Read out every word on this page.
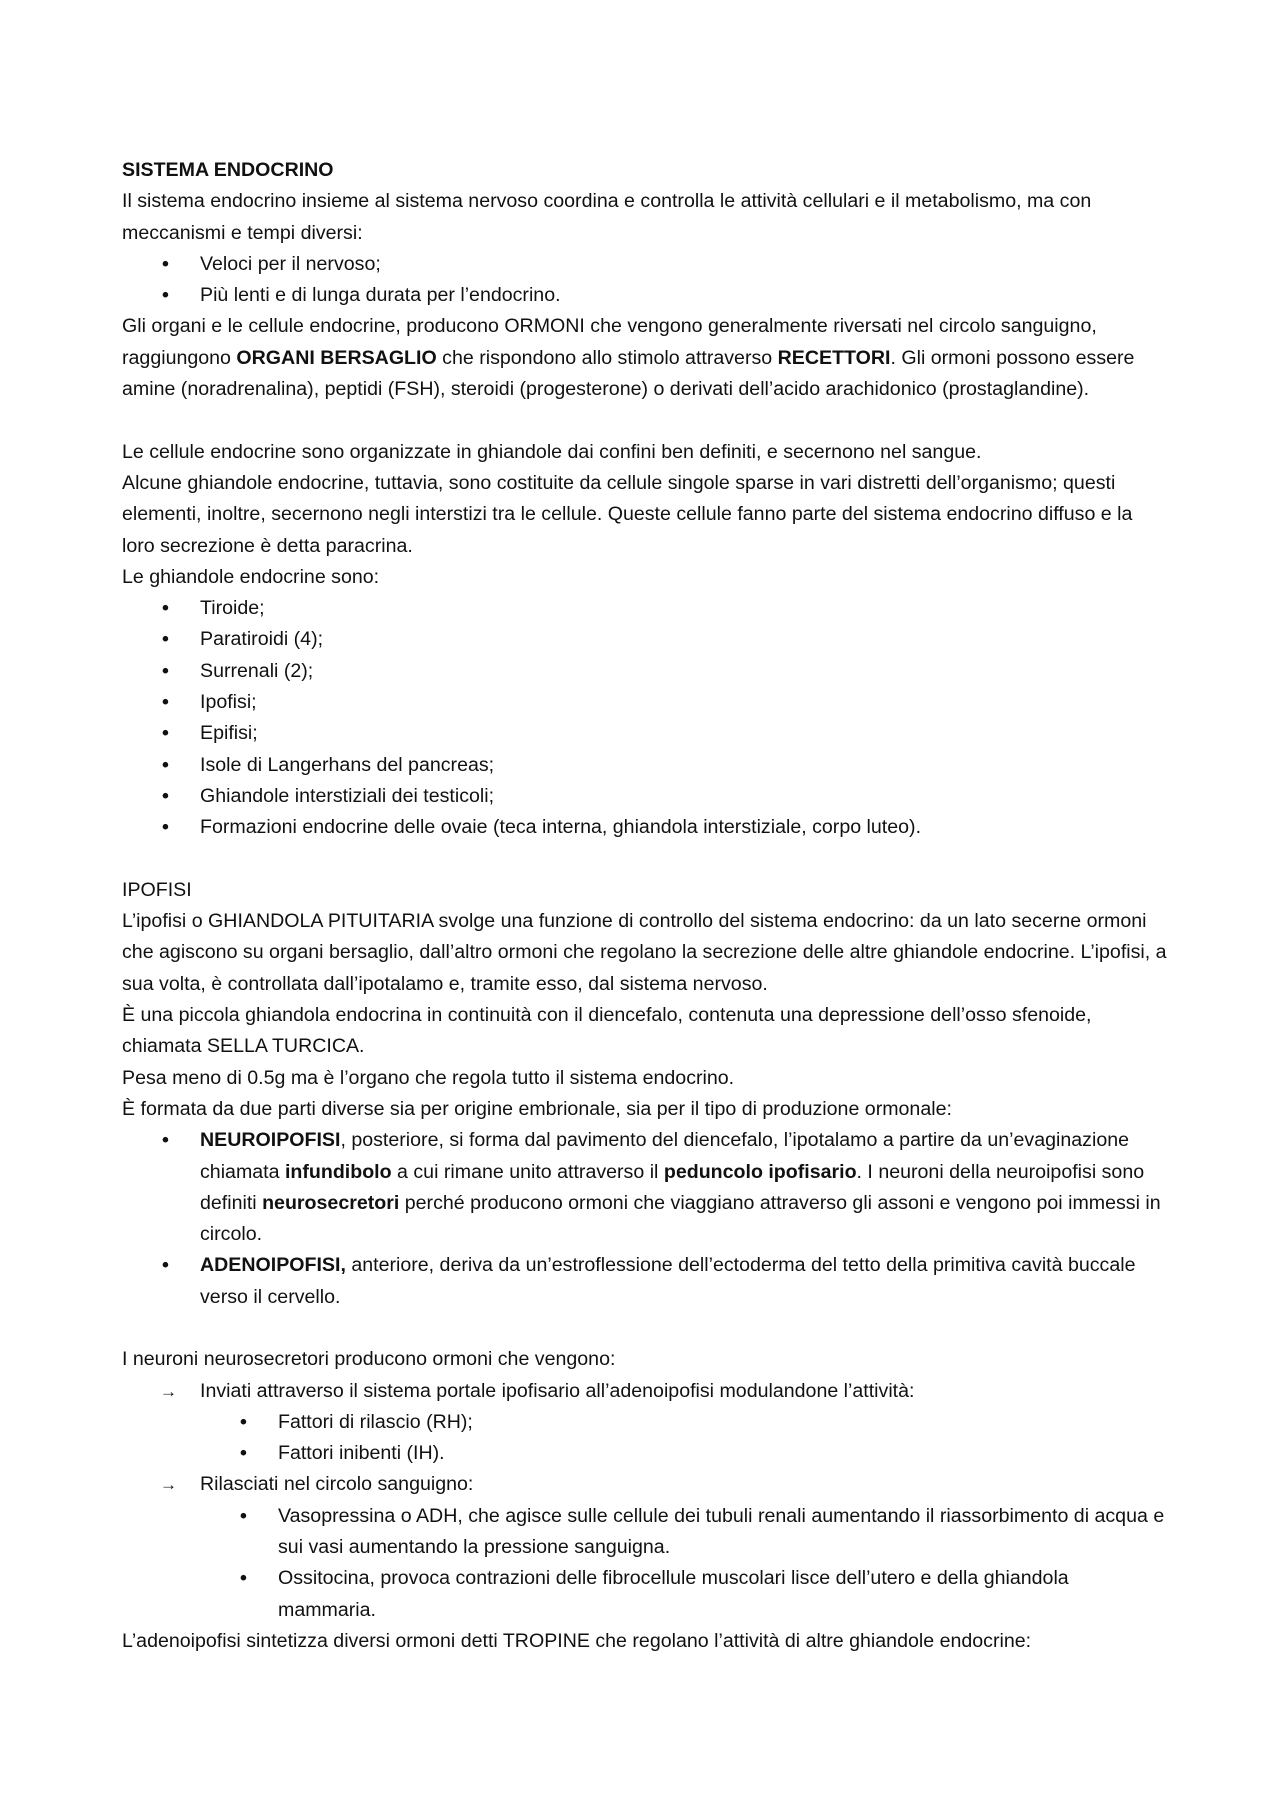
SISTEMA ENDOCRINO

Il sistema endocrino insieme al sistema nervoso coordina e controlla le attività cellulari e il metabolismo, ma con meccanismi e tempi diversi:

• Veloci per il nervoso;
• Più lenti e di lunga durata per l’endocrino.

Gli organi e le cellule endocrine, producono ORMONI che vengono generalmente riversati nel circolo sanguigno, raggiungono ORGANI BERSAGLIO che rispondono allo stimolo attraverso RECETTORI. Gli ormoni possono essere amine (noradrenalina), peptidi (FSH), steroidi (progesterone) o derivati dell’acido arachidonico (prostaglandine).

Le cellule endocrine sono organizzate in ghiandole dai confini ben definiti, e secernono nel sangue.

Alcune ghiandole endocrine, tuttavia, sono costituite da cellule singole sparse in vari distretti dell’organismo; questi elementi, inoltre, secernono negli interstizi tra le cellule. Queste cellule fanno parte del sistema endocrino diffuso e la loro secrezione è detta paracrina.

Le ghiandole endocrine sono:

• Tiroide;
• Paratiroidi (4);
• Surrenali (2);
• Ipofisi;
• Epifisi;
• Isole di Langerhans del pancreas;
• Ghiandole interstiziali dei testicoli;
• Formazioni endocrine delle ovaie (teca interna, ghiandola interstiziale, corpo luteo).

IPOFISI

L’ipofisi o GHIANDOLA PITUITARIA svolge una funzione di controllo del sistema endocrino: da un lato secerne ormoni che agiscono su organi bersaglio, dall’altro ormoni che regolano la secrezione delle altre ghiandole endocrine. L’ipofisi, a sua volta, è controllata dall’ipotalamo e, tramite esso, dal sistema nervoso.

È una piccola ghiandola endocrina in continuità con il diencefalo, contenuta una depressione dell’osso sfenoide, chiamata SELLA TURCICA.

Pesa meno di 0.5g ma è l’organo che regola tutto il sistema endocrino.

È formata da due parti diverse sia per origine embrionale, sia per il tipo di produzione ormonale:

• NEUROIPOFISI, posteriore, si forma dal pavimento del diencefalo, l’ipotalamo a partire da un’evaginazione chiamata infundibolo a cui rimane unito attraverso il peduncolo ipofisario. I neuroni della neuroipofisi sono definiti neurosecretori perché producono ormoni che viaggiano attraverso gli assoni e vengono poi immessi in circolo.
• ADENOIPOFISI, anteriore, deriva da un’estroflessione dell’ectoderma del tetto della primitiva cavità buccale verso il cervello.

I neuroni neurosecretori producono ormoni che vengono:

→ Inviati attraverso il sistema portale ipofisario all’adenoipofisi modulandone l’attività:
• Fattori di rilascio (RH);
• Fattori inibenti (IH).
→ Rilasciati nel circolo sanguigno:
• Vasopressina o ADH, che agisce sulle cellule dei tubuli renali aumentando il riassorbimento di acqua e sui vasi aumentando la pressione sanguigna.
• Ossitocina, provoca contrazioni delle fibrocellule muscolari lisce dell’utero e della ghiandola mammaria.

L’adenoipofisi sintetizza diversi ormoni detti TROPINE che regolano l’attività di altre ghiandole endocrine:
